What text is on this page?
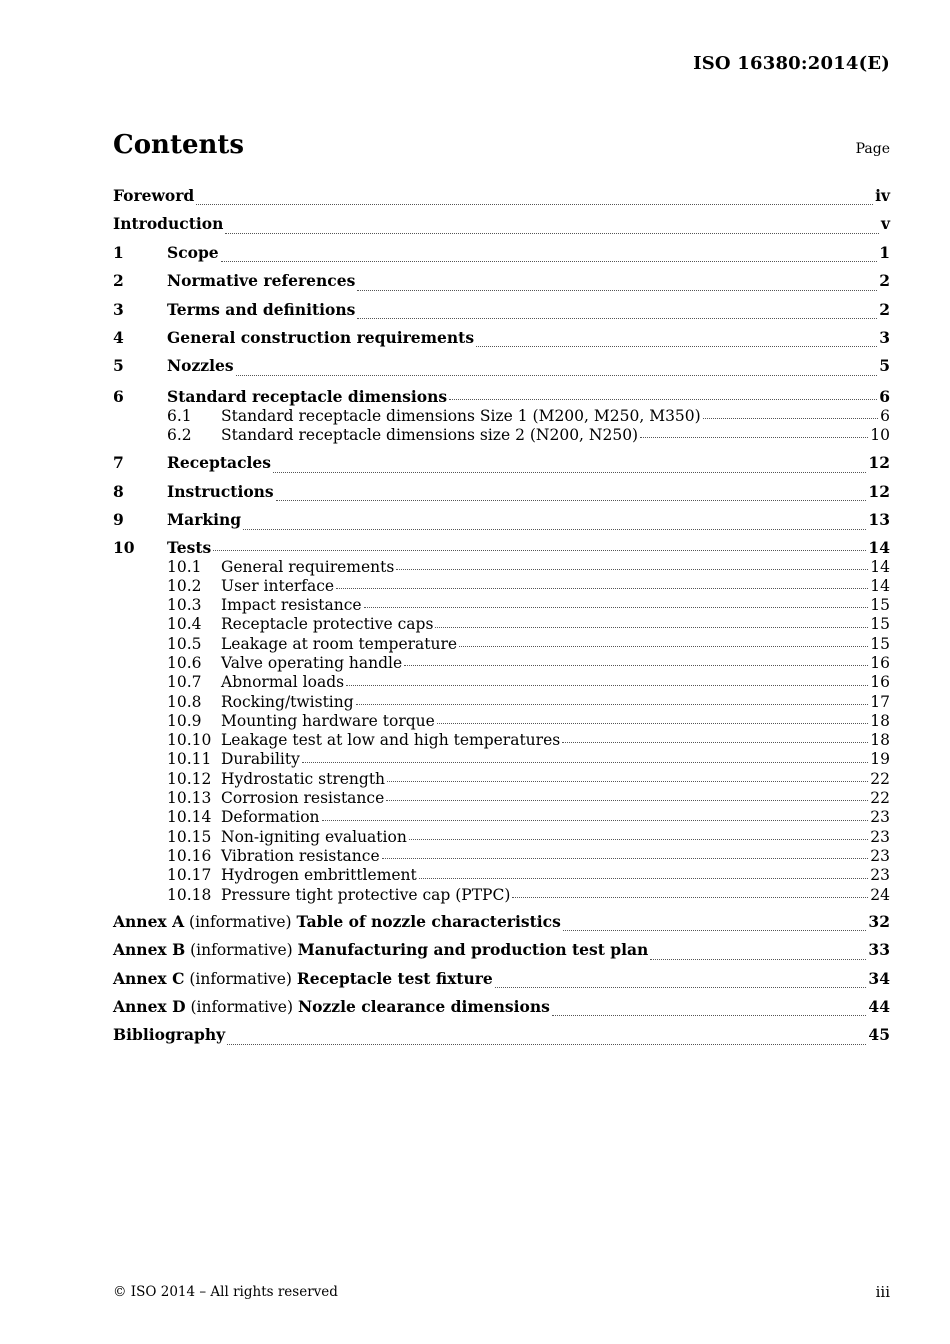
ISO 16380:2014(E)
Contents	Page
Foreword	iv
Introduction	v
1	Scope	1
2	Normative references	2
3	Terms and definitions	2
4	General construction requirements	3
5	Nozzles	5
6	Standard receptacle dimensions	6
6.1	Standard receptacle dimensions Size 1 (M200, M250, M350)	6
6.2	Standard receptacle dimensions size 2 (N200, N250)	10
7	Receptacles	12
8	Instructions	12
9	Marking	13
10	Tests	14
10.1	General requirements	14
10.2	User interface	14
10.3	Impact resistance	15
10.4	Receptacle protective caps	15
10.5	Leakage at room temperature	15
10.6	Valve operating handle	16
10.7	Abnormal loads	16
10.8	Rocking/twisting	17
10.9	Mounting hardware torque	18
10.10 Leakage test at low and high temperatures	18
10.11 Durability	19
10.12 Hydrostatic strength	22
10.13 Corrosion resistance	22
10.14 Deformation	23
10.15 Non-igniting evaluation	23
10.16 Vibration resistance	23
10.17 Hydrogen embrittlement	23
10.18 Pressure tight protective cap (PTPC)	24
Annex A (informative) Table of nozzle characteristics	32
Annex B (informative) Manufacturing and production test plan	33
Annex C (informative) Receptacle test fixture	34
Annex D (informative) Nozzle clearance dimensions	44
Bibliography	45
© ISO 2014 – All rights reserved	iii
